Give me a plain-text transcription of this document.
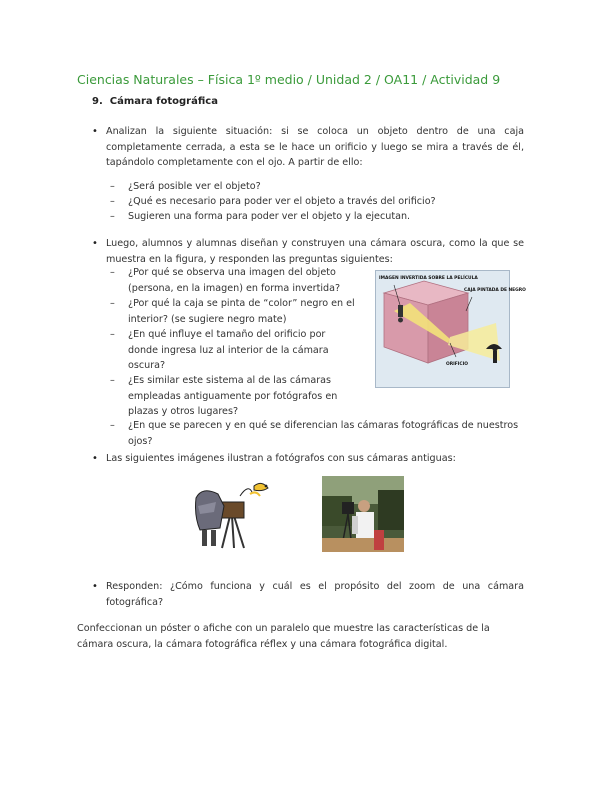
Ciencias Naturales – Física 1º medio / Unidad 2 / OA11 / Actividad 9
9. Cámara fotográfica
• Analizan la siguiente situación: si se coloca un objeto dentro de una caja completamente cerrada, a esta se le hace un orificio y luego se mira a través de él, tapándolo completamente con el ojo. A partir de ello:
– ¿Será posible ver el objeto?
– ¿Qué es necesario para poder ver el objeto a través del orificio?
– Sugieren una forma para poder ver el objeto y la ejecutan.
• Luego, alumnos y alumnas diseñan y construyen una cámara oscura, como la que se muestra en la figura, y responden las preguntas siguientes:
– ¿Por qué se observa una imagen del objeto (persona, en la imagen) en forma invertida?
– ¿Por qué la caja se pinta de “color” negro en el interior? (se sugiere negro mate)
– ¿En qué influye el tamaño del orificio por donde ingresa luz al interior de la cámara oscura?
– ¿Es similar este sistema al de las cámaras empleadas antiguamente por fotógrafos en plazas y otros lugares?
– ¿En que se parecen y en qué se diferencian las cámaras fotográficas de nuestros ojos?
IMAGEN INVERTIDA SOBRE LA PELÍCULA
CAJA PINTADA DE NEGRO
ORIFICIO
• Las siguientes imágenes ilustran a fotógrafos con sus cámaras antiguas:
• Responden: ¿Cómo funciona y cuál es el propósito del zoom de una cámara fotográfica?
Confeccionan un póster o afiche con un paralelo que muestre las características de la cámara oscura, la cámara fotográfica réflex y una cámara fotográfica digital.
